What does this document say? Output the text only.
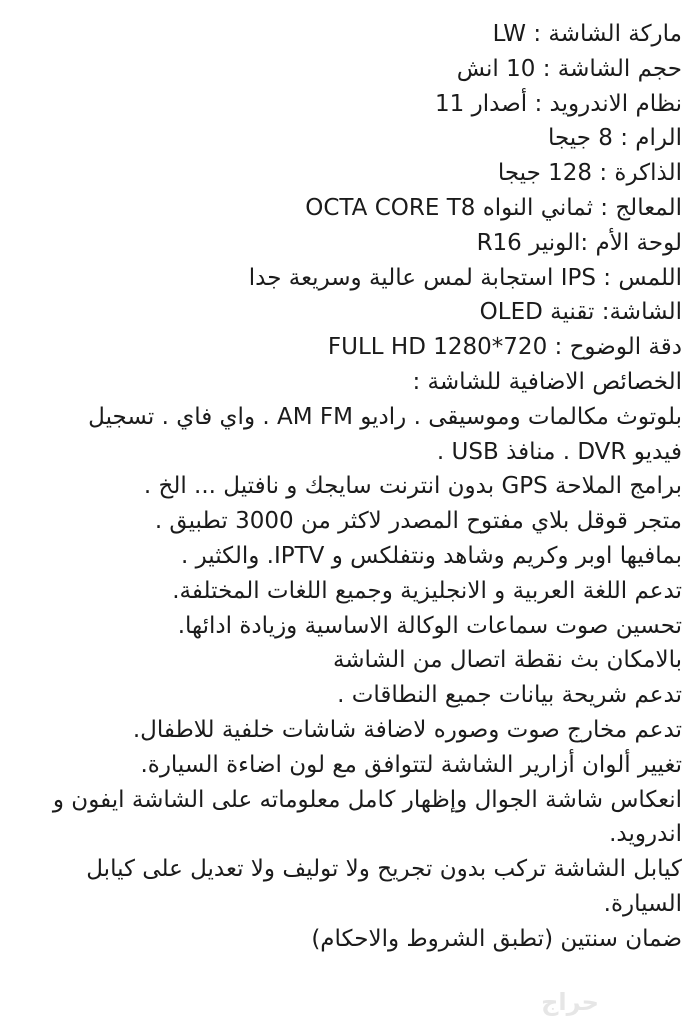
ماركة الشاشة : LW
حجم الشاشة : 10 انش
نظام الاندرويد : أصدار 11
الرام : 8 جيجا
الذاكرة : 128 جيجا
المعالج : ثماني النواه OCTA CORE T8
لوحة الأم :الونير R16
اللمس : IPS استجابة لمس عالية وسريعة جدا
الشاشة: تقنية OLED
دقة الوضوح : 720*1280 FULL HD
الخصائص الاضافية للشاشة :
بلوتوث مكالمات وموسيقى . راديو AM FM . واي فاي . تسجيل فيديو DVR . منافذ USB .
برامج الملاحة GPS بدون انترنت سايجك و نافتيل ... الخ .
متجر قوقل بلاي مفتوح المصدر لاكثر من 3000 تطبيق .
بمافيها اوبر وكريم وشاهد ونتفلكس و IPTV. والكثير .
تدعم اللغة العربية و الانجليزية وجميع اللغات المختلفة.
تحسين صوت سماعات الوكالة الاساسية وزيادة ادائها.
بالامكان بث نقطة اتصال من الشاشة
تدعم شريحة بيانات جميع النطاقات .
تدعم مخارج صوت وصوره لاضافة شاشات خلفية للاطفال.
تغيير ألوان أزارير الشاشة لتتوافق مع لون اضاءة السيارة.
انعكاس شاشة الجوال وإظهار كامل معلوماته على الشاشة ايفون و اندرويد.
كيابل الشاشة تركب بدون تجريح ولا توليف ولا تعديل على كيابل السيارة.
ضمان سنتين (تطبق الشروط والاحكام)
حراج
